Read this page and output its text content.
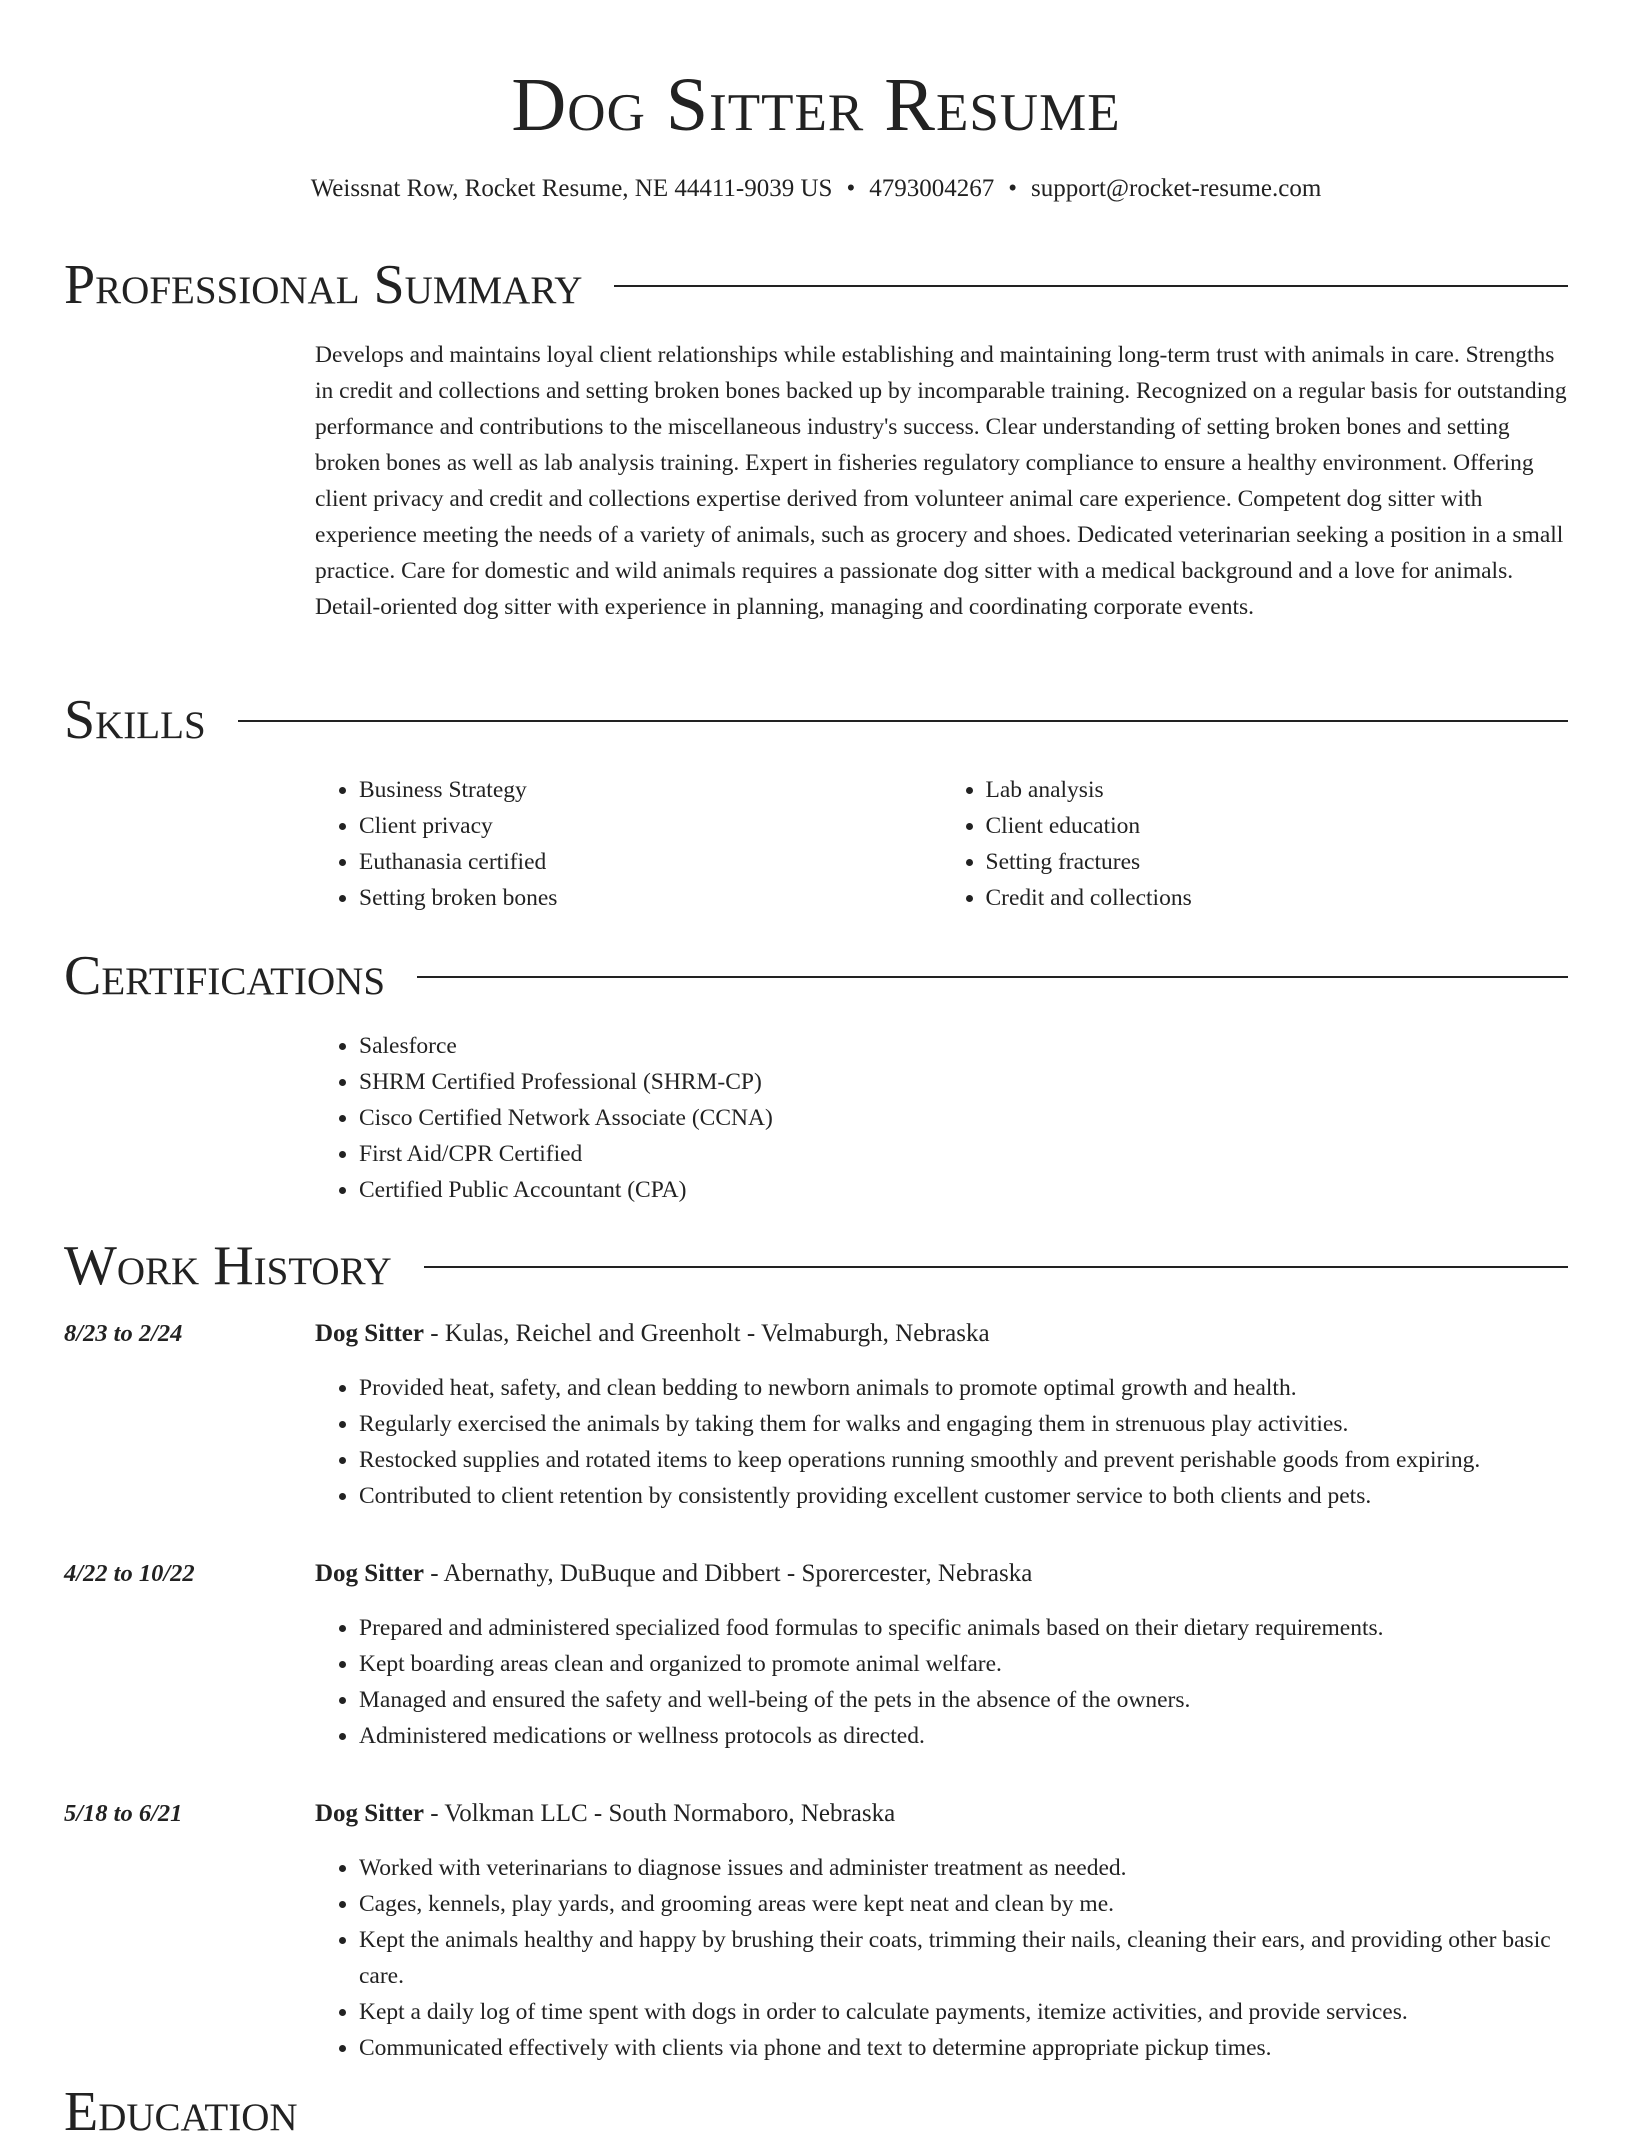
Dog Sitter Resume
Weissnat Row, Rocket Resume, NE 44411-9039 US • 4793004267 • support@rocket-resume.com
Professional Summary

Develops and maintains loyal client relationships while establishing and maintaining long-term trust with animals in care. Strengths in credit and collections and setting broken bones backed up by incomparable training. Recognized on a regular basis for outstanding performance and contributions to the miscellaneous industry's success. Clear understanding of setting broken bones and setting broken bones as well as lab analysis training. Expert in fisheries regulatory compliance to ensure a healthy environment. Offering client privacy and credit and collections expertise derived from volunteer animal care experience. Competent dog sitter with experience meeting the needs of a variety of animals, such as grocery and shoes. Dedicated veterinarian seeking a position in a small practice. Care for domestic and wild animals requires a passionate dog sitter with a medical background and a love for animals. Detail-oriented dog sitter with experience in planning, managing and coordinating corporate events.

Skills
• Business Strategy
• Client privacy
• Euthanasia certified
• Setting broken bones
• Lab analysis
• Client education
• Setting fractures
• Credit and collections
Certifications
• Salesforce
• SHRM Certified Professional (SHRM-CP)
• Cisco Certified Network Associate (CCNA)
• First Aid/CPR Certified
• Certified Public Accountant (CPA)
Work History
8/23 to 2/24	Dog Sitter - Kulas, Reichel and Greenholt - Velmaburgh, Nebraska
• Provided heat, safety, and clean bedding to newborn animals to promote optimal growth and health.
• Regularly exercised the animals by taking them for walks and engaging them in strenuous play activities.
• Restocked supplies and rotated items to keep operations running smoothly and prevent perishable goods from expiring.
• Contributed to client retention by consistently providing excellent customer service to both clients and pets.
4/22 to 10/22	Dog Sitter - Abernathy, DuBuque and Dibbert - Sporercester, Nebraska
• Prepared and administered specialized food formulas to specific animals based on their dietary requirements.
• Kept boarding areas clean and organized to promote animal welfare.
• Managed and ensured the safety and well-being of the pets in the absence of the owners.
• Administered medications or wellness protocols as directed.
5/18 to 6/21	Dog Sitter - Volkman LLC - South Normaboro, Nebraska
• Worked with veterinarians to diagnose issues and administer treatment as needed.
• Cages, kennels, play yards, and grooming areas were kept neat and clean by me.
• Kept the animals healthy and happy by brushing their coats, trimming their nails, cleaning their ears, and providing other basic care.
• Kept a daily log of time spent with dogs in order to calculate payments, itemize activities, and provide services.
• Communicated effectively with clients via phone and text to determine appropriate pickup times.
Education
